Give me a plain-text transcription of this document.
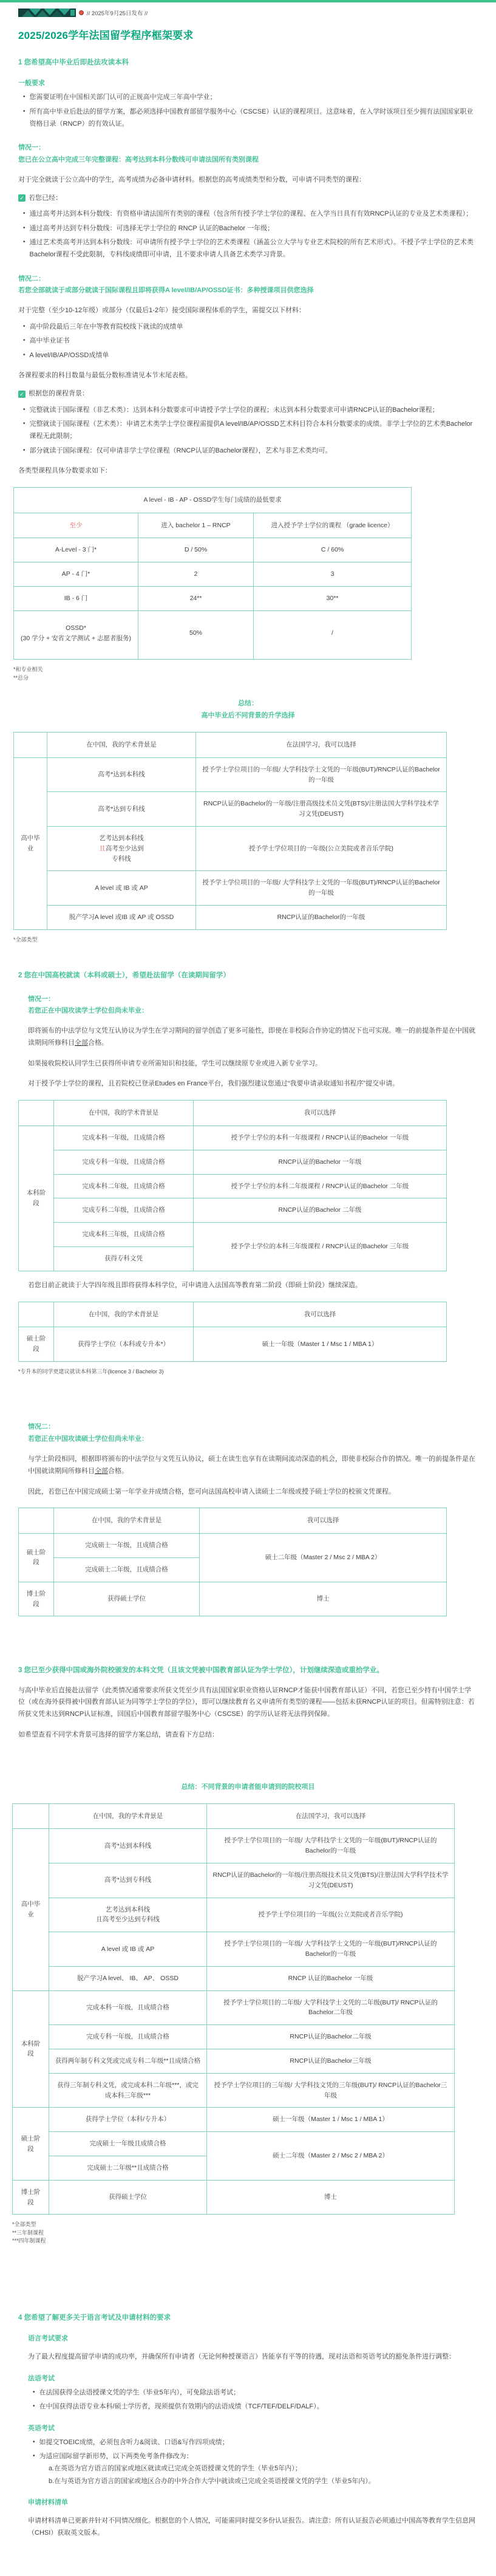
// 2025年9月25日发布 //
2025/2026学年法国留学程序框架要求
1 您希望高中毕业后即赴法攻读本科
一般要求
• 您需要证明在中国相关部门认可的正规高中完成三年高中学业；
• 所有高中毕业后赴法的留学方案，都必须选择中国教育部留学服务中心（CSCSE）认证的课程项目。这意味着，在入学时该项目至少拥有法国国家职业资格目录（RNCP）的有效认证。
情况一：
您已在公立高中完成三年完整课程：高考达到本科分数线可申请法国所有类别课程
对于完全就读于公立高中的学生，高考成绩为必备申请材料。根据您的高考成绩类型和分数，可申请不同类型的课程：
✓ 若您已经：
• 通过高考并达到本科分数线：有资格申请法国所有类别的课程（包含所有授予学士学位的课程、在入学当日具有有效RNCP认证的专业及艺术类课程）；
• 通过高考并达到专科分数线：可选择无学士学位的 RNCP 认证的Bachelor 一年级；
• 通过艺术类高考并达到本科分数线：可申请所有授予学士学位的艺术类课程（涵盖公立大学与专业艺术院校的所有艺术形式）。不授予学士学位的艺术类Bachelor课程不受此限制，专科线成绩即可申请，且不要求申请人具备艺术类学习背景。
情况二：
若您全部就读于或部分就读于国际课程且即将获得A level/IB/AP/OSSD证书：多种授课项目供您选择
对于完整（至少10-12年级）或部分（仅最后1-2年）接受国际课程体系的学生，需提交以下材料：
• 高中阶段最后三年在中等教育院校线下就读的成绩单
• 高中毕业证书
• A level/IB/AP/OSSD成绩单
各课程要求的科目数量与最低分数标准请见本节末尾表格。
✓ 根据您的课程背景：
• 完整就读于国际课程（非艺术类）：达到本科分数要求可申请授予学士学位的课程；未达到本科分数要求可申请RNCP认证的Bachelor课程；
• 完整就读于国际课程（艺术类）：申请艺术类学士学位课程需提供A level/IB/AP/OSSD艺术科目符合本科分数要求的成绩。非学士学位的艺术类Bachelor课程无此限制；
• 部分就读于国际课程：仅可申请非学士学位课程（RNCP认证的Bachelor课程），艺术与非艺术类均可。
各类型课程具体分数要求如下：
A level - IB - AP - OSSD学生每门成绩的最低要求		
至少	进入 bachelor 1 – RNCP	进入授予学士学位的课程 （grade licence）
A-Level - 3 门*	D / 50%	C / 60%
AP - 4 门*	2	3
IB - 6 门	24**	30**
OSSD*
(30 学分 + 安省文学测试 + 志愿者服务)	50%	/
*和专业相关
**总分
总结：
高中毕业后不同背景的升学选择
	在中国，我的学术背景是	在法国学习，我可以选择
高中毕业	高考*达到本科线	授予学士学位项目的一年级/ 大学科技学士文凭的一年级(BUT)/RNCP认证的Bachelor的一年级
	高考*达到专科线	RNCP认证的Bachelor的一年级/注册高级技术员文凭(BTS)/注册法国大学科学技术学习文凭(DEUST)
	艺考达到本科线
且高考至少达到
专科线	授予学士学位项目的一年级(公立美院或者音乐学院)
	A level 或 IB 或 AP	授予学士学位项目的一年级/ 大学科技学士文凭的一年级(BUT)/RNCP认证的Bachelor的一年级
	脱产学习A level 或IB 或 AP 或 OSSD	RNCP认证的Bachelor的一年级
*全部类型
2 您在中国高校就读（本科或硕士），希望赴法留学（在读期间留学）
情况一：
若您正在中国攻读学士学位但尚未毕业：
即将颁布的中法学位与文凭互认协议为学生在学习期间的留学创造了更多可能性，即使在非校际合作协定的情况下也可实现。唯一的前提条件是在中国就读期间所修科目全部合格。
如果接收院校认同学生已获得所申请专业所需知识和技能，学生可以继续原专业或进入新专业学习。
对于授予学士学位的课程，且若院校已登录Etudes en France平台，我们强烈建议您通过“我要申请录取通知书程序”提交申请。
	在中国，我的学术背景是	我可以选择
本科阶段	完成本科一年级，且成绩合格	授予学士学位的本科一年级课程 / RNCP认证的Bachelor 一年级
	完成专科一年级，且成绩合格	RNCP认证的Bachelor 一年级
	完成本科二年级，且成绩合格	授予学士学位的本科二年级课程 / RNCP认证的Bachelor 二年级
	完成专科二年级，且成绩合格	RNCP认证的Bachelor 二年级
	完成本科三年级，且成绩合格	授予学士学位的本科三年级课程 / RNCP认证的Bachelor 三年级
	获得专科文凭	
若您目前正就读于大学四年级且即将获得本科学位，可申请进入法国高等教育第二阶段（即硕士阶段）继续深造。
	在中国，我的学术背景是	我可以选择
硕士阶段	获得学士学位（本科或专升本*）	硕士一年级（Master 1 / Msc 1 / MBA 1）
*专升本的同学更建议就读本科第三年(licence 3 / Bachelor 3)
情况二：
若您正在中国攻读硕士学位但尚未毕业：
与学士阶段相同，根据即将颁布的中法学位与文凭互认协议，硕士在读生也享有在读期间流动深造的机会，即使非校际合作的情况。唯一的前提条件是在中国就读期间所修科目全部合格。
因此，若您已在中国完成硕士第一年学业并成绩合格，您可向法国高校申请入读硕士二年级或授予硕士学位的校颁文凭课程。
	在中国，我的学术背景是	我可以选择
硕士阶段	完成硕士一年级，且成绩合格	硕士二年级（Master 2 / Msc 2 / MBA 2）
	完成硕士二年级，且成绩合格	
博士阶段	获得硕士学位	博士
3 您已至少获得中国或海外院校颁发的本科文凭（且该文凭被中国教育部认证为学士学位），计划继续深造或重拾学业。
与高中毕业后直接赴法留学（此类情况通常要求所获文凭至少具有法国国家职业资格认证RNCP才能获中国教育部认证）不同，若您已至少持有中国学士学位（或在海外获得被中国教育部认证为同等学士学位的学位），即可以继续教育名义申请所有类型的课程——包括未获RNCP认证的项目。但需特别注意：若所获文凭未达到RNCP认证标准，回国后中国教育部留学服务中心（CSCSE）的学历认证将无法得到保障。
如希望查看不同学术背景可选择的留学方案总结，请查看下方总结：
总结：不同背景的申请者能申请到的院校项目
	在中国，我的学术背景是	在法国学习，我可以选择
高中毕业	高考*达到本科线	授予学士学位项目的一年级/ 大学科技学士文凭的一年级(BUT)/RNCP认证的Bachelor的一年级
	高考*达到专科线	RNCP认证的Bachelor的一年级/注册高级技术员文凭(BTS)/注册法国大学科学技术学习文凭(DEUST)
	艺考达到本科线
且高考至少达到专科线	授予学士学位项目的一年级(公立美院或者音乐学院)
	A level 或 IB 或 AP	授予学士学位项目的一年级/ 大学科技学士文凭的一年级(BUT)/RNCP认证的Bachelor的一年级
	脱产学习A level、 IB、 AP、 OSSD	RNCP 认证的Bachelor 一年级
本科阶段	完成本科一年级，且成绩合格	授予学士学位项目的二年级/ 大学科技学士文凭的二年级(BUT)/ RNCP认证的Bachelor二年级
	完成专科一年级，且成绩合格	RNCP认证的Bachelor二年级
	获得两年制专科文凭或完成专科二年级**且成绩合格	RNCP认证的Bachelor三年级
	获得三年制专科文凭，或完成本科二年级***，或完成本科三年级***	授予学士学位项目的三年级/ 大学科技文凭的三年级(BUT)/ RNCP认证的Bachelor三年级
硕士阶段	获得学士学位（本科/专升本）	硕士一年级（Master 1 / Msc 1 / MBA 1）
	完成硕士一年级且成绩合格	硕士二年级（Master 2 / Msc 2 / MBA 2）
	完成硕士二年级**且成绩合格	
博士阶段	获得硕士学位	博士
*全部类型
**三年制课程
***四年制课程
4 您希望了解更多关于语言考试及申请材料的要求
语言考试要求
为了最大程度提高留学申请的成功率，并确保所有申请者（无论何种授课语言）皆能享有平等的待遇，现对法语和英语考试的豁免条件进行调整：
法语考试
• 在法国获得全法语授课文凭的学生（毕业5年内），可免除法语考试；
• 在中国获得法语专业本科/硕士学历者，现须提供有效期内的法语成绩（TCF/TEF/DELF/DALF）。
英语考试
• 如提交TOEIC成绩，必须包含听力&阅读、口语&写作四项成绩；
• 为适应国际留学新形势，以下两类免考条件修改为：
a.在英语为官方语言的国家或地区就读或已完成全英语授课文凭的学生（毕业5年内）；
b.在与英语为官方语言的国家或地区合办的中外合作大学中就读或已完成全英语授课文凭的学生（毕业5年内）。
申请材料清单
申请材料清单已更新并针对不同情况细化。根据您的个人情况，可能需同时提交多份认证报告。请注意：所有认证报告必须通过中国高等教育学生信息网（CHSI）获取英文版本。
